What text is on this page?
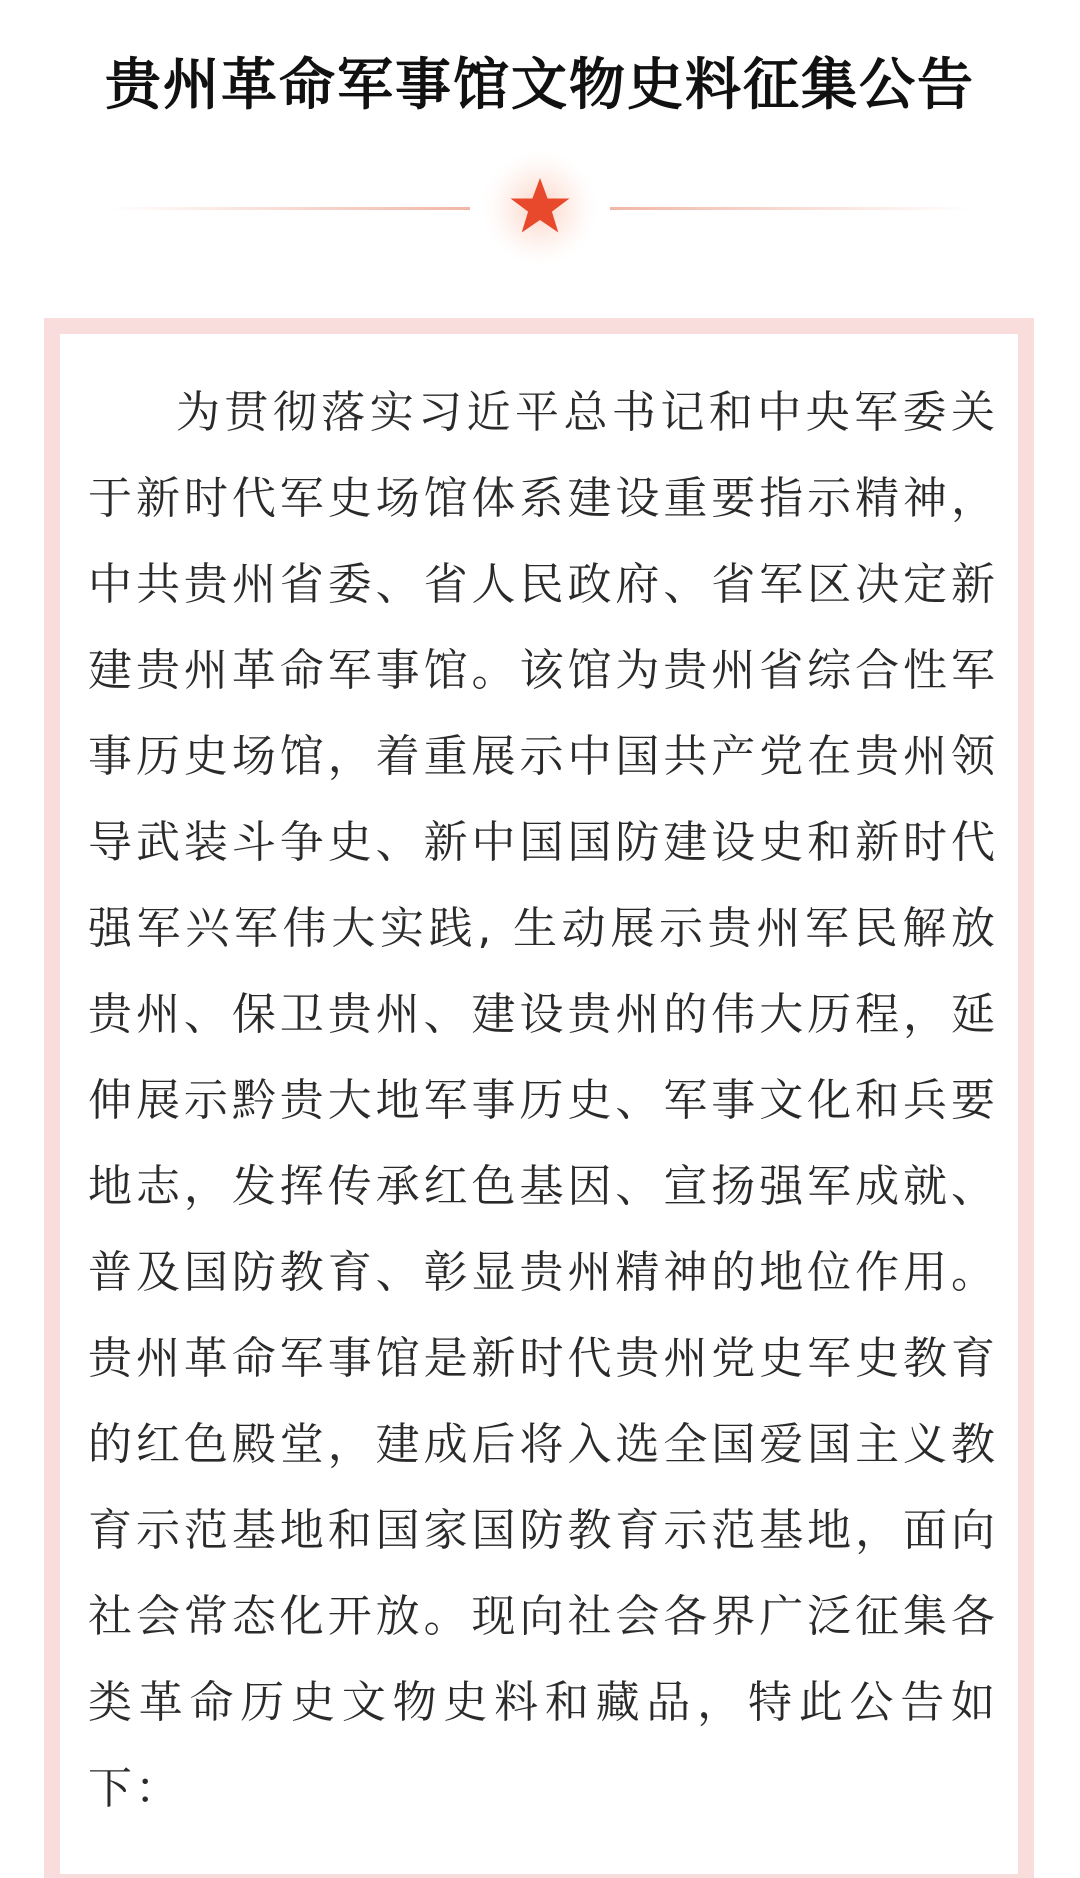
贵州革命军事馆文物史料征集公告

为贯彻落实习近平总书记和中央军委关于新时代军史场馆体系建设重要指示精神，中共贵州省委、省人民政府、省军区决定新建贵州革命军事馆。该馆为贵州省综合性军事历史场馆，着重展示中国共产党在贵州领导武装斗争史、新中国国防建设史和新时代强军兴军伟大实践, 生动展示贵州军民解放贵州、保卫贵州、建设贵州的伟大历程，延伸展示黔贵大地军事历史、军事文化和兵要地志，发挥传承红色基因、宣扬强军成就、普及国防教育、彰显贵州精神的地位作用。贵州革命军事馆是新时代贵州党史军史教育的红色殿堂，建成后将入选全国爱国主义教育示范基地和国家国防教育示范基地，面向社会常态化开放。现向社会各界广泛征集各类革命历史文物史料和藏品，特此公告如下：
